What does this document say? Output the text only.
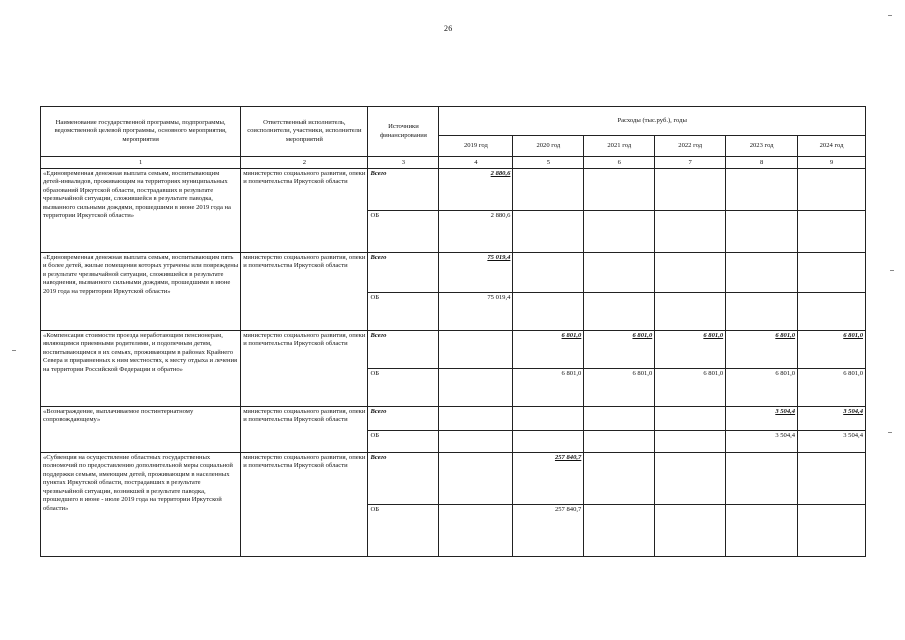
26
Наименование государственной программы, подпрограммы, ведомственной целевой программы, основного мероприятия, мероприятия	Ответственный исполнитель, соисполнители, участники, исполнители мероприятий	Источники финансирования	Расходы (тыс.руб.), годы					
			2019 год	2020 год	2021 год	2022 год	2023 год	2024 год
1	2	3	4	5	6	7	8	9
«Единовременная денежная выплата семьям, воспитывающим детей-инвалидов, проживающим на территориях муниципальных образований Иркутской области, пострадавших в результате чрезвычайной ситуации, сложившейся в результате паводка, вызванного сильными дождями, прошедшими в июне 2019 года на территории Иркутской области»	министерство социального развития, опеки и попечительства Иркутской области	Всего	2 880,6					
		ОБ	2 880,6					
«Единовременная денежная выплата семьям, воспитывающим пять и более детей, жилые помещения которых утрачены или повреждены в результате чрезвычайной ситуации, сложившейся в результате наводнения, вызванного сильными дождями, прошедшими в июне 2019 года на территории Иркутской области»	министерство социального развития, опеки и попечительства Иркутской области	Всего	75 019,4					
		ОБ	75 019,4					
«Компенсация стоимости проезда неработающим пенсионерам, являющимся приемными родителями, и подопечным детям, воспитывающимся в их семьях, проживающим в районах Крайнего Севера и приравненных к ним местностях, к месту отдыха и лечения на территории Российской Федерации и обратно»	министерство социального развития, опеки и попечительства Иркутской области	Всего		6 801,0	6 801,0	6 801,0	6 801,0	6 801,0
		ОБ		6 801,0	6 801,0	6 801,0	6 801,0	6 801,0
«Вознаграждение, выплачиваемое постинтернатному сопровождающему»	министерство социального развития, опеки и попечительства Иркутской области	Всего					3 504,4	3 504,4
		ОБ					3 504,4	3 504,4
«Субвенция на осуществление областных государственных полномочий по предоставлению дополнительной меры социальной поддержки семьям, имеющим детей, проживающим в населенных пунктах Иркутской области, пострадавших в результате чрезвычайной ситуации, возникшей в результате паводка, прошедшего в июне - июле 2019 года на территории Иркутской области»	министерство социального развития, опеки и попечительства Иркутской области	Всего		257 840,7				
		ОБ		257 840,7				
